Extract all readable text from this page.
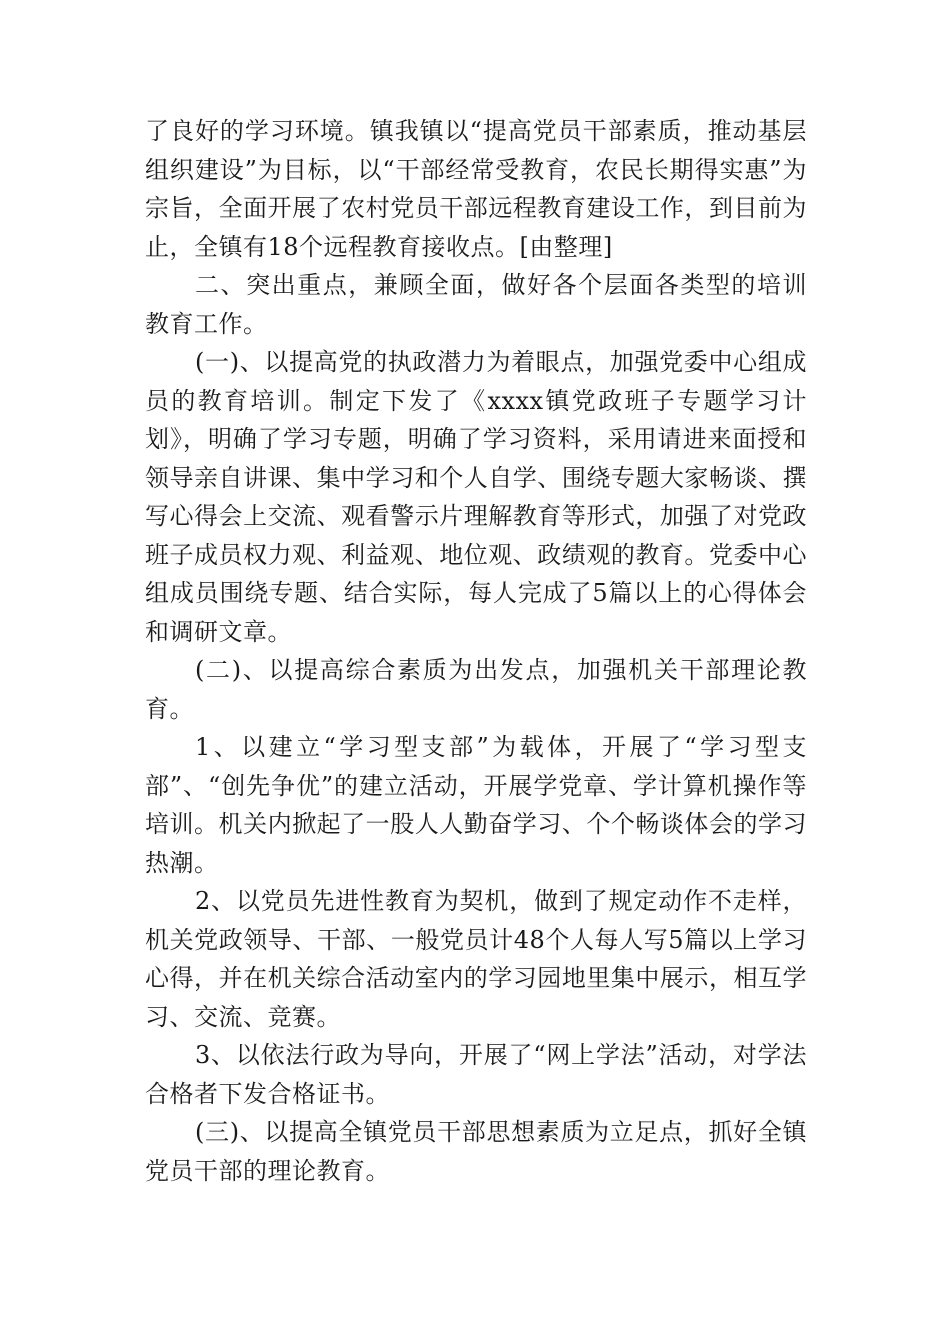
了良好的学习环境。镇我镇以“提高党员干部素质，推动基层组织建设”为目标，以“干部经常受教育，农民长期得实惠”为宗旨，全面开展了农村党员干部远程教育建设工作，到目前为止，全镇有18个远程教育接收点。[由整理]

二、突出重点，兼顾全面，做好各个层面各类型的培训教育工作。

(一)、以提高党的执政潜力为着眼点，加强党委中心组成员的教育培训。制定下发了《xxxx镇党政班子专题学习计划》，明确了学习专题，明确了学习资料，采用请进来面授和领导亲自讲课、集中学习和个人自学、围绕专题大家畅谈、撰写心得会上交流、观看警示片理解教育等形式，加强了对党政班子成员权力观、利益观、地位观、政绩观的教育。党委中心组成员围绕专题、结合实际，每人完成了5篇以上的心得体会和调研文章。

(二)、以提高综合素质为出发点，加强机关干部理论教育。

1、以建立“学习型支部”为载体，开展了“学习型支部”、“创先争优”的建立活动，开展学党章、学计算机操作等培训。机关内掀起了一股人人勤奋学习、个个畅谈体会的学习热潮。

2、以党员先进性教育为契机，做到了规定动作不走样，机关党政领导、干部、一般党员计48个人每人写5篇以上学习心得，并在机关综合活动室内的学习园地里集中展示，相互学习、交流、竞赛。

3、以依法行政为导向，开展了“网上学法”活动，对学法合格者下发合格证书。

(三)、以提高全镇党员干部思想素质为立足点，抓好全镇党员干部的理论教育。
